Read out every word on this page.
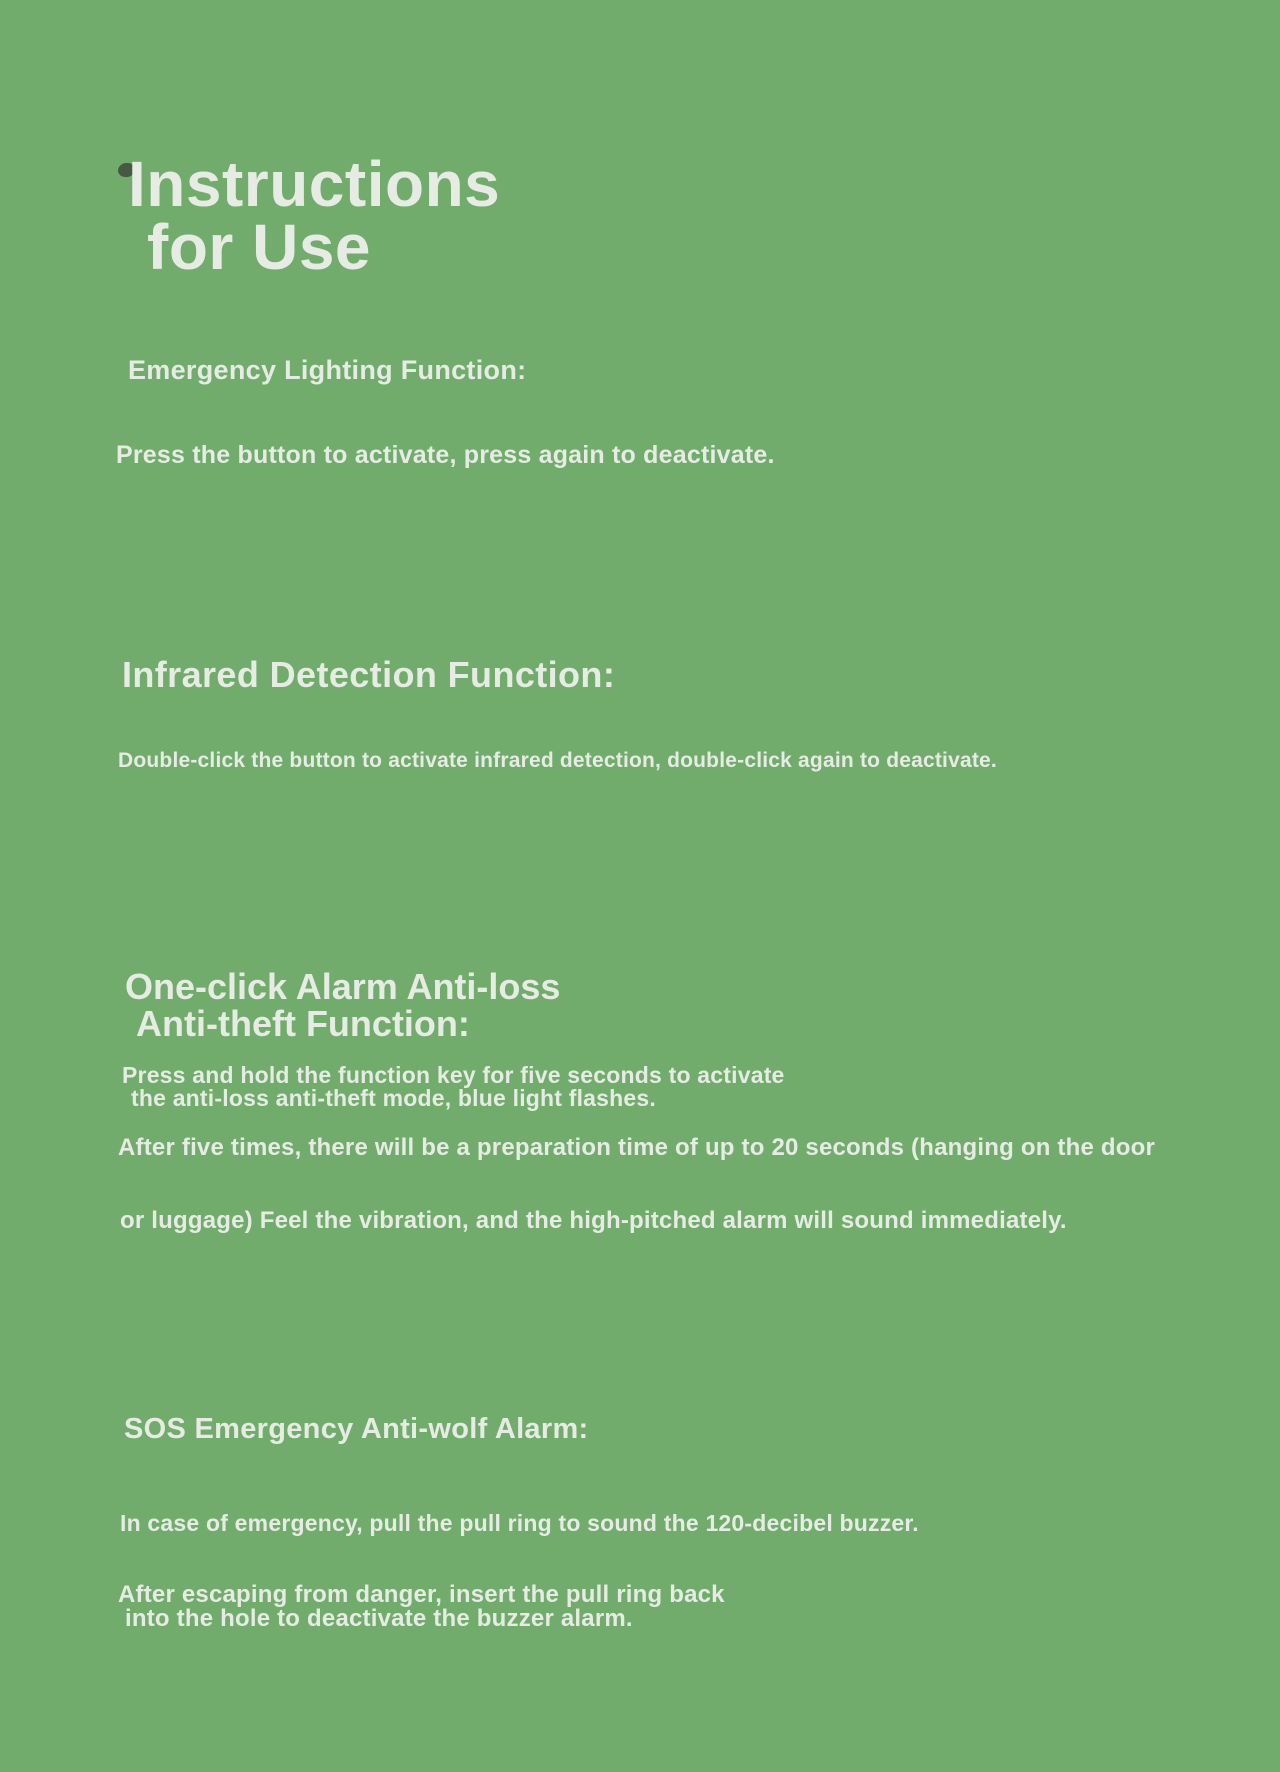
Instructions
for Use
Emergency Lighting Function:

Press the button to activate, press again to deactivate.

Infrared Detection Function:

Double-click the button to activate infrared detection, double-click again to deactivate.

One-click Alarm Anti-loss
Anti-theft Function:

Press and hold the function key for five seconds to activate

the anti-loss anti-theft mode, blue light flashes.

After five times, there will be a preparation time of up to 20 seconds (hanging on the door

or luggage) Feel the vibration, and the high-pitched alarm will sound immediately.

SOS Emergency Anti-wolf Alarm:

In case of emergency, pull the pull ring to sound the 120-decibel buzzer.

After escaping from danger, insert the pull ring back

into the hole to deactivate the buzzer alarm.
